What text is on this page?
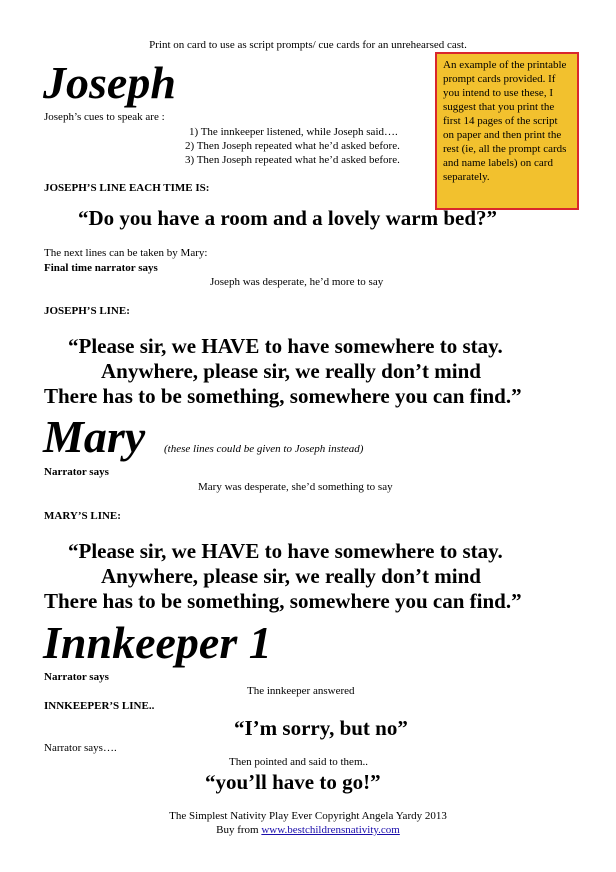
Print on card to use as script prompts/ cue cards for an unrehearsed cast.
An example of the printable prompt cards provided. If you intend to use these, I suggest that you print the first 14 pages of the script on paper and then print the rest (ie, all the prompt cards and name labels) on card separately.
Joseph
Joseph’s cues to speak are :
1) The innkeeper listened, while Joseph said….
2) Then Joseph repeated what he’d asked before.
3) Then Joseph repeated what he’d asked before.
JOSEPH’S LINE EACH TIME IS:
“Do you have a room and a lovely warm bed?”
The next lines can be taken by Mary:
Final time narrator says
Joseph was desperate, he’d more to say
JOSEPH’S LINE:
“Please sir, we HAVE to have somewhere to stay.
Anywhere, please sir, we really don’t mind
There has to be something, somewhere you can find.”
Mary (these lines could be given to Joseph instead)
Narrator says
Mary was desperate, she’d something to say
MARY’S LINE:
“Please sir, we HAVE to have somewhere to stay.
Anywhere, please sir, we really don’t mind
There has to be something, somewhere you can find.”
Innkeeper 1
Narrator says
The innkeeper answered
INNKEEPER’S LINE..
“I’m sorry, but no”
Narrator says….
Then pointed and said to them..
“you’ll have to go!”
The Simplest Nativity Play Ever Copyright Angela Yardy 2013
Buy from www.bestchildrensnativity.com
